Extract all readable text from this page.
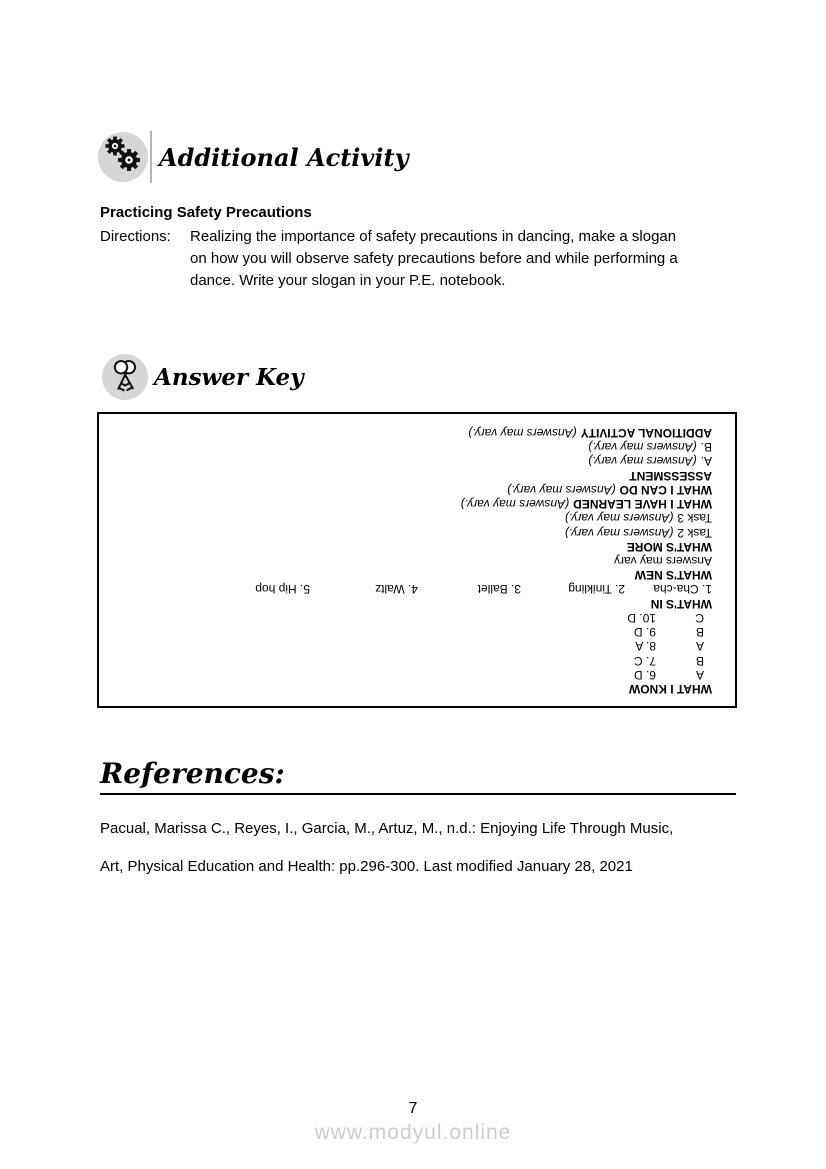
Additional Activity
Practicing Safety Precautions
Directions: Realizing the importance of safety precautions in dancing, make a slogan
on how you will observe safety precautions before and while performing a
dance. Write your slogan in your P.E. notebook.
Answer Key
WHAT I KNOW
A6. D
B7. C
A8. A
B9. D
C10. D
WHAT'S IN
1. Cha-cha2. Tinikling3. Ballet4. Waltz5. Hip hop
WHAT'S NEW
Answers may vary
WHAT'S MORE
Task 2(Answers may vary.)
Task 3(Answers may vary.)
WHAT I HAVE LEARNED(Answers may vary.)
WHAT I CAN DO(Answers may vary.)
ASSESSMENT
A.(Answers may vary.)
B.(Answers may vary.)
ADDITIONAL ACTIVITY(Answers may vary.)
References:
Pacual, Marissa C., Reyes, I., Garcia, M., Artuz, M., n.d.: Enjoying Life Through Music,
Art, Physical Education and Health: pp.296-300. Last modified January 28, 2021
7
www.modyul.online
